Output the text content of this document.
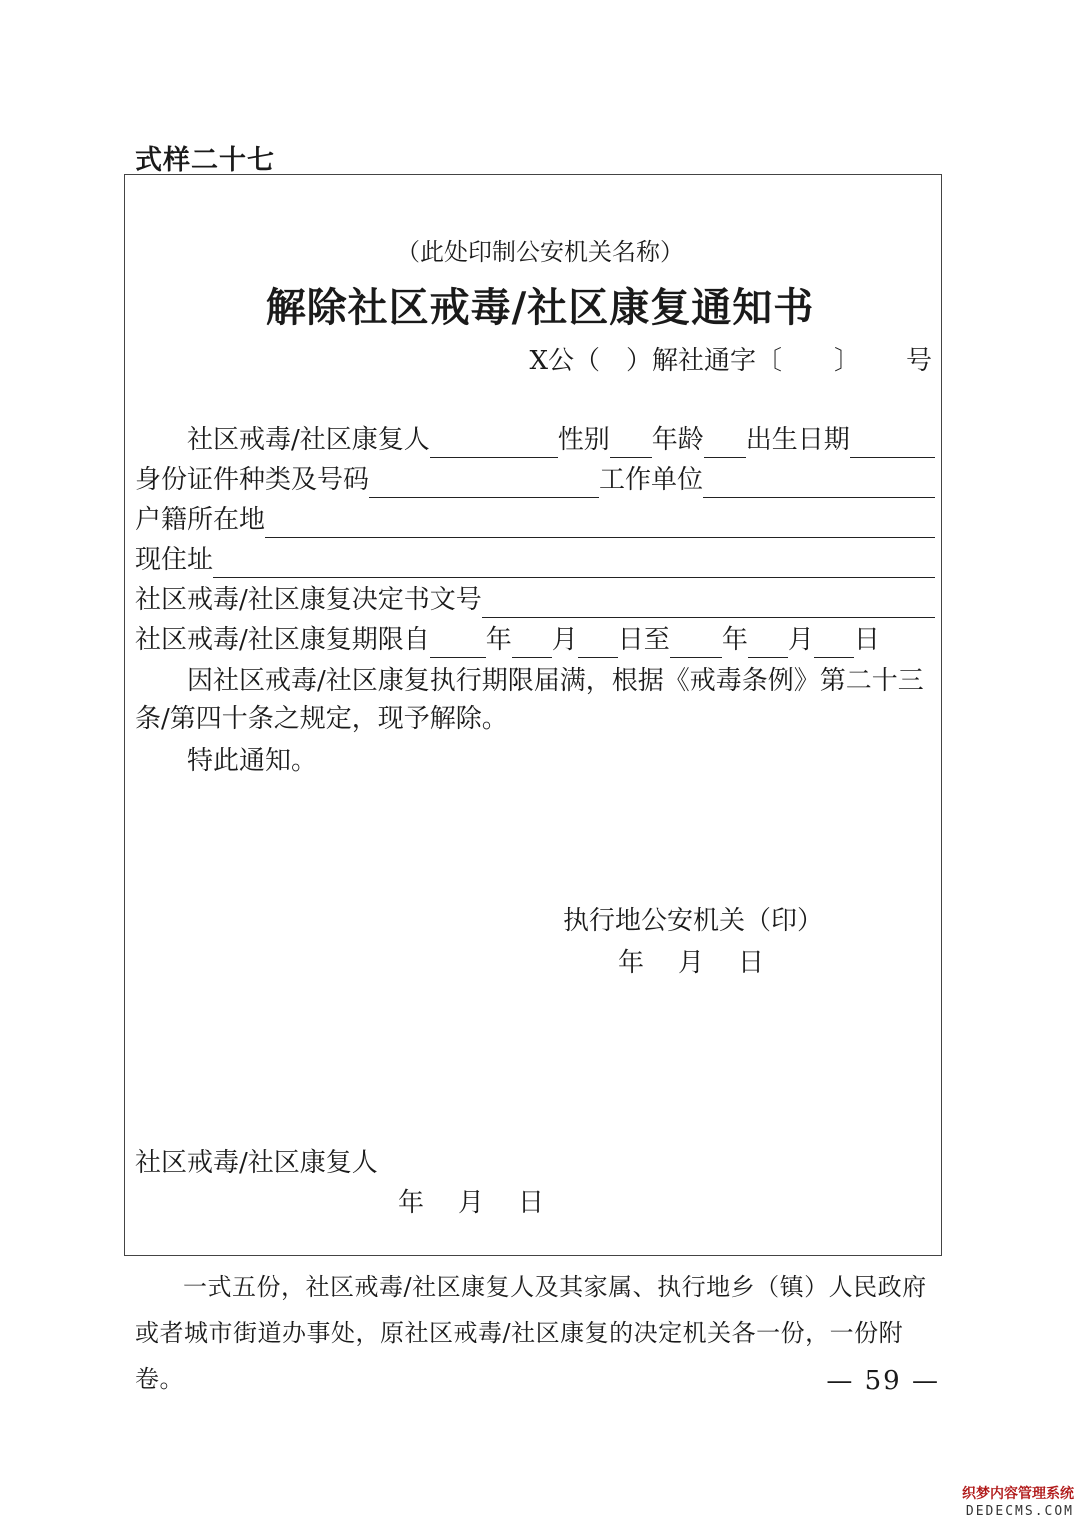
式样二十七
（此处印制公安机关名称）
解除社区戒毒/社区康复通知书
X公（　）解社通字〔 〕 号
社区戒毒/社区康复人	性别 年龄 出生日期
身份证件种类及号码	工作单位
户籍所在地
现住址
社区戒毒/社区康复决定书文号
社区戒毒/社区康复期限自 年 月 日至 年 月 日
因社区戒毒/社区康复执行期限届满，根据《戒毒条例》第二十三条/第四十条之规定，现予解除。
特此通知。
执行地公安机关（印）
年　月　日
社区戒毒/社区康复人
年　月　日
一式五份，社区戒毒/社区康复人及其家属、执行地乡（镇）人民政府或者城市街道办事处，原社区戒毒/社区康复的决定机关各一份，一份附卷。	— 59 —
织梦内容管理系统
DEDECMS.COM
